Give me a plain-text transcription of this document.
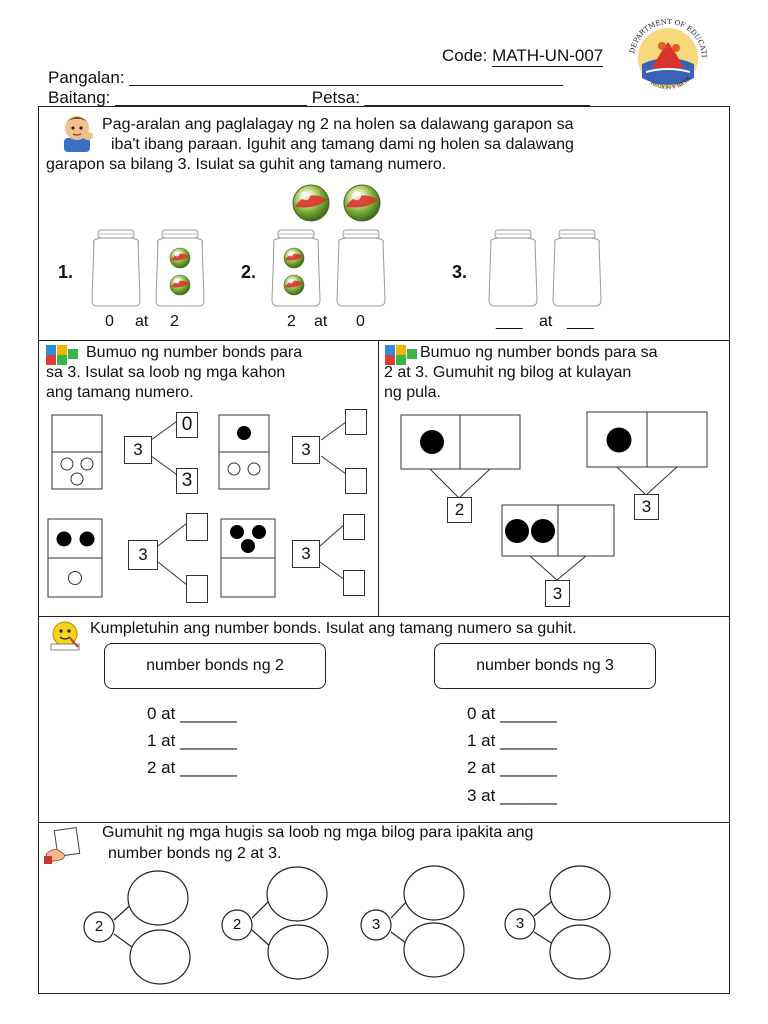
Code: MATH-UN-007
Pangalan: ____________________________________________________
Baitang: _______________________ Petsa: ___________________________
DEPARTMENT OF EDUCATI
REGION V BICOL
Pag-aralan ang paglalagay ng 2 na holen sa dalawang garapon sa
iba't ibang paraan. Iguhit ang tamang dami ng holen sa dalawang
garapon sa bilang 3. Isulat sa guhit ang tamang numero.
1.	2.	3.
0 at 2	2 at 0	___ at ___
Bumuo ng number bonds para
sa 3. Isulat sa loob ng mga kahon
ang tamang numero.
3
0
3
3
3	3
Bumuo ng number bonds para sa
2 at 3. Gumuhit ng bilog at kulayan
ng pula.
2	3
3
Kumpletuhin ang number bonds. Isulat ang tamang numero sa guhit.
number bonds ng 2	number bonds ng 3
0 at ______
1 at ______
2 at ______
0 at ______
1 at ______
2 at ______
3 at ______
Gumuhit ng mga hugis sa loob ng mga bilog para ipakita ang
number bonds ng 2 at 3.
2	2	3	3
